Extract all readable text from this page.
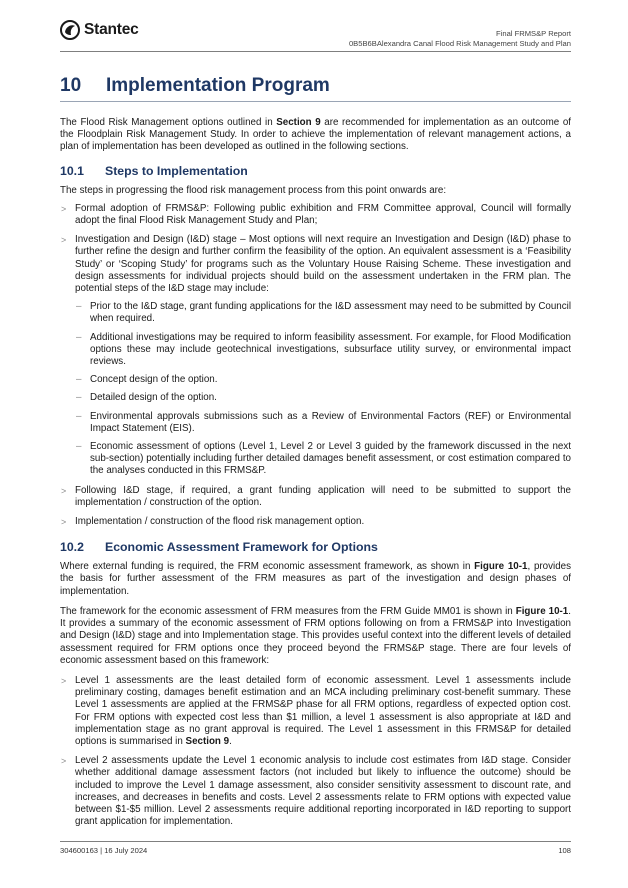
Stantec	Final FRMS&P Report
0B5B6BAlexandra Canal Flood Risk Management Study and Plan
10 Implementation Program

The Flood Risk Management options outlined in Section 9 are recommended for implementation as an outcome of the Floodplain Risk Management Study. In order to achieve the implementation of relevant management actions, a plan of implementation has been developed as outlined in the following sections.

10.1 Steps to Implementation

The steps in progressing the flood risk management process from this point onwards are:

> Formal adoption of FRMS&P: Following public exhibition and FRM Committee approval, Council will formally adopt the final Flood Risk Management Study and Plan;
> Investigation and Design (I&D) stage – Most options will next require an Investigation and Design (I&D) phase to further refine the design and further confirm the feasibility of the option. An equivalent assessment is a ‘Feasibility Study’ or ‘Scoping Study’ for programs such as the Voluntary House Raising Scheme. These investigation and design assessments for individual projects should build on the assessment undertaken in the FRM plan. The potential steps of the I&D stage may include:
– Prior to the I&D stage, grant funding applications for the I&D assessment may need to be submitted by Council when required.
– Additional investigations may be required to inform feasibility assessment. For example, for Flood Modification options these may include geotechnical investigations, subsurface utility survey, or environmental impact reviews.
– Concept design of the option.
– Detailed design of the option.
– Environmental approvals submissions such as a Review of Environmental Factors (REF) or Environmental Impact Statement (EIS).
– Economic assessment of options (Level 1, Level 2 or Level 3 guided by the framework discussed in the next sub-section) potentially including further detailed damages benefit assessment, or cost estimation compared to the analyses conducted in this FRMS&P.
> Following I&D stage, if required, a grant funding application will need to be submitted to support the implementation / construction of the option.
> Implementation / construction of the flood risk management option.
10.2 Economic Assessment Framework for Options

Where external funding is required, the FRM economic assessment framework, as shown in Figure 10-1, provides the basis for further assessment of the FRM measures as part of the investigation and design phases of implementation.

The framework for the economic assessment of FRM measures from the FRM Guide MM01 is shown in Figure 10-1. It provides a summary of the economic assessment of FRM options following on from a FRMS&P into Investigation and Design (I&D) stage and into Implementation stage. This provides useful context into the different levels of detailed assessment required for FRM options once they proceed beyond the FRMS&P stage. There are four levels of economic assessment based on this framework:

> Level 1 assessments are the least detailed form of economic assessment. Level 1 assessments include preliminary costing, damages benefit estimation and an MCA including preliminary cost-benefit summary. These Level 1 assessments are applied at the FRMS&P phase for all FRM options, regardless of expected option cost. For FRM options with expected cost less than $1 million, a level 1 assessment is also appropriate at I&D and implementation stage as no grant approval is required. The Level 1 assessment in this FRMS&P for detailed options is summarised in Section 9.
> Level 2 assessments update the Level 1 economic analysis to include cost estimates from I&D stage. Consider whether additional damage assessment factors (not included but likely to influence the outcome) should be included to improve the Level 1 damage assessment, also consider sensitivity assessment to discount rate, and increases, and decreases in benefits and costs. Level 2 assessments relate to FRM options with expected value between $1-$5 million. Level 2 assessments require additional reporting incorporated in I&D reporting to support grant application for implementation.
304600163 | 16 July 2024	108
